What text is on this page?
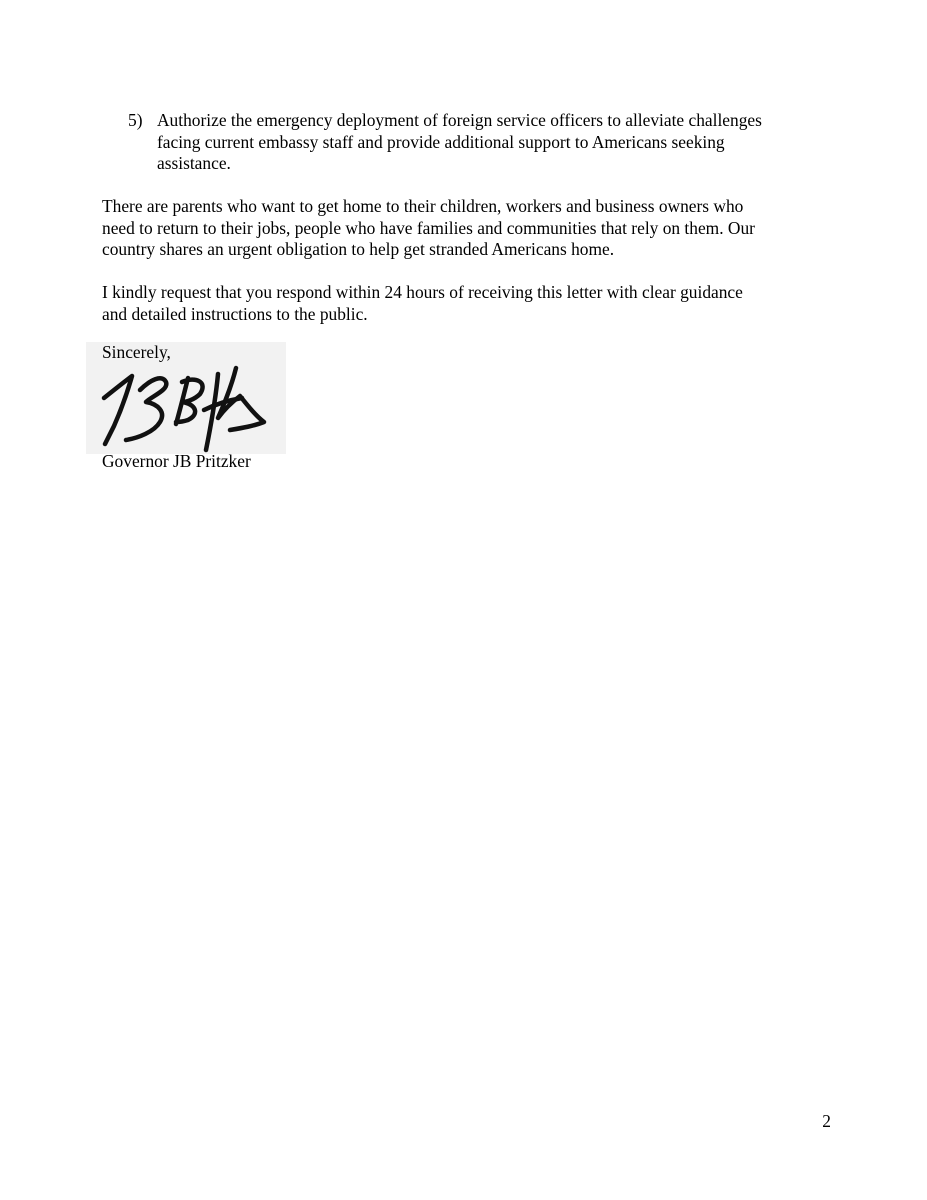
5) Authorize the emergency deployment of foreign service officers to alleviate challenges
facing current embassy staff and provide additional support to Americans seeking
assistance.
There are parents who want to get home to their children, workers and business owners who
need to return to their jobs, people who have families and communities that rely on them. Our
country shares an urgent obligation to help get stranded Americans home.
I kindly request that you respond within 24 hours of receiving this letter with clear guidance
and detailed instructions to the public.
Sincerely,
Governor JB Pritzker
2
